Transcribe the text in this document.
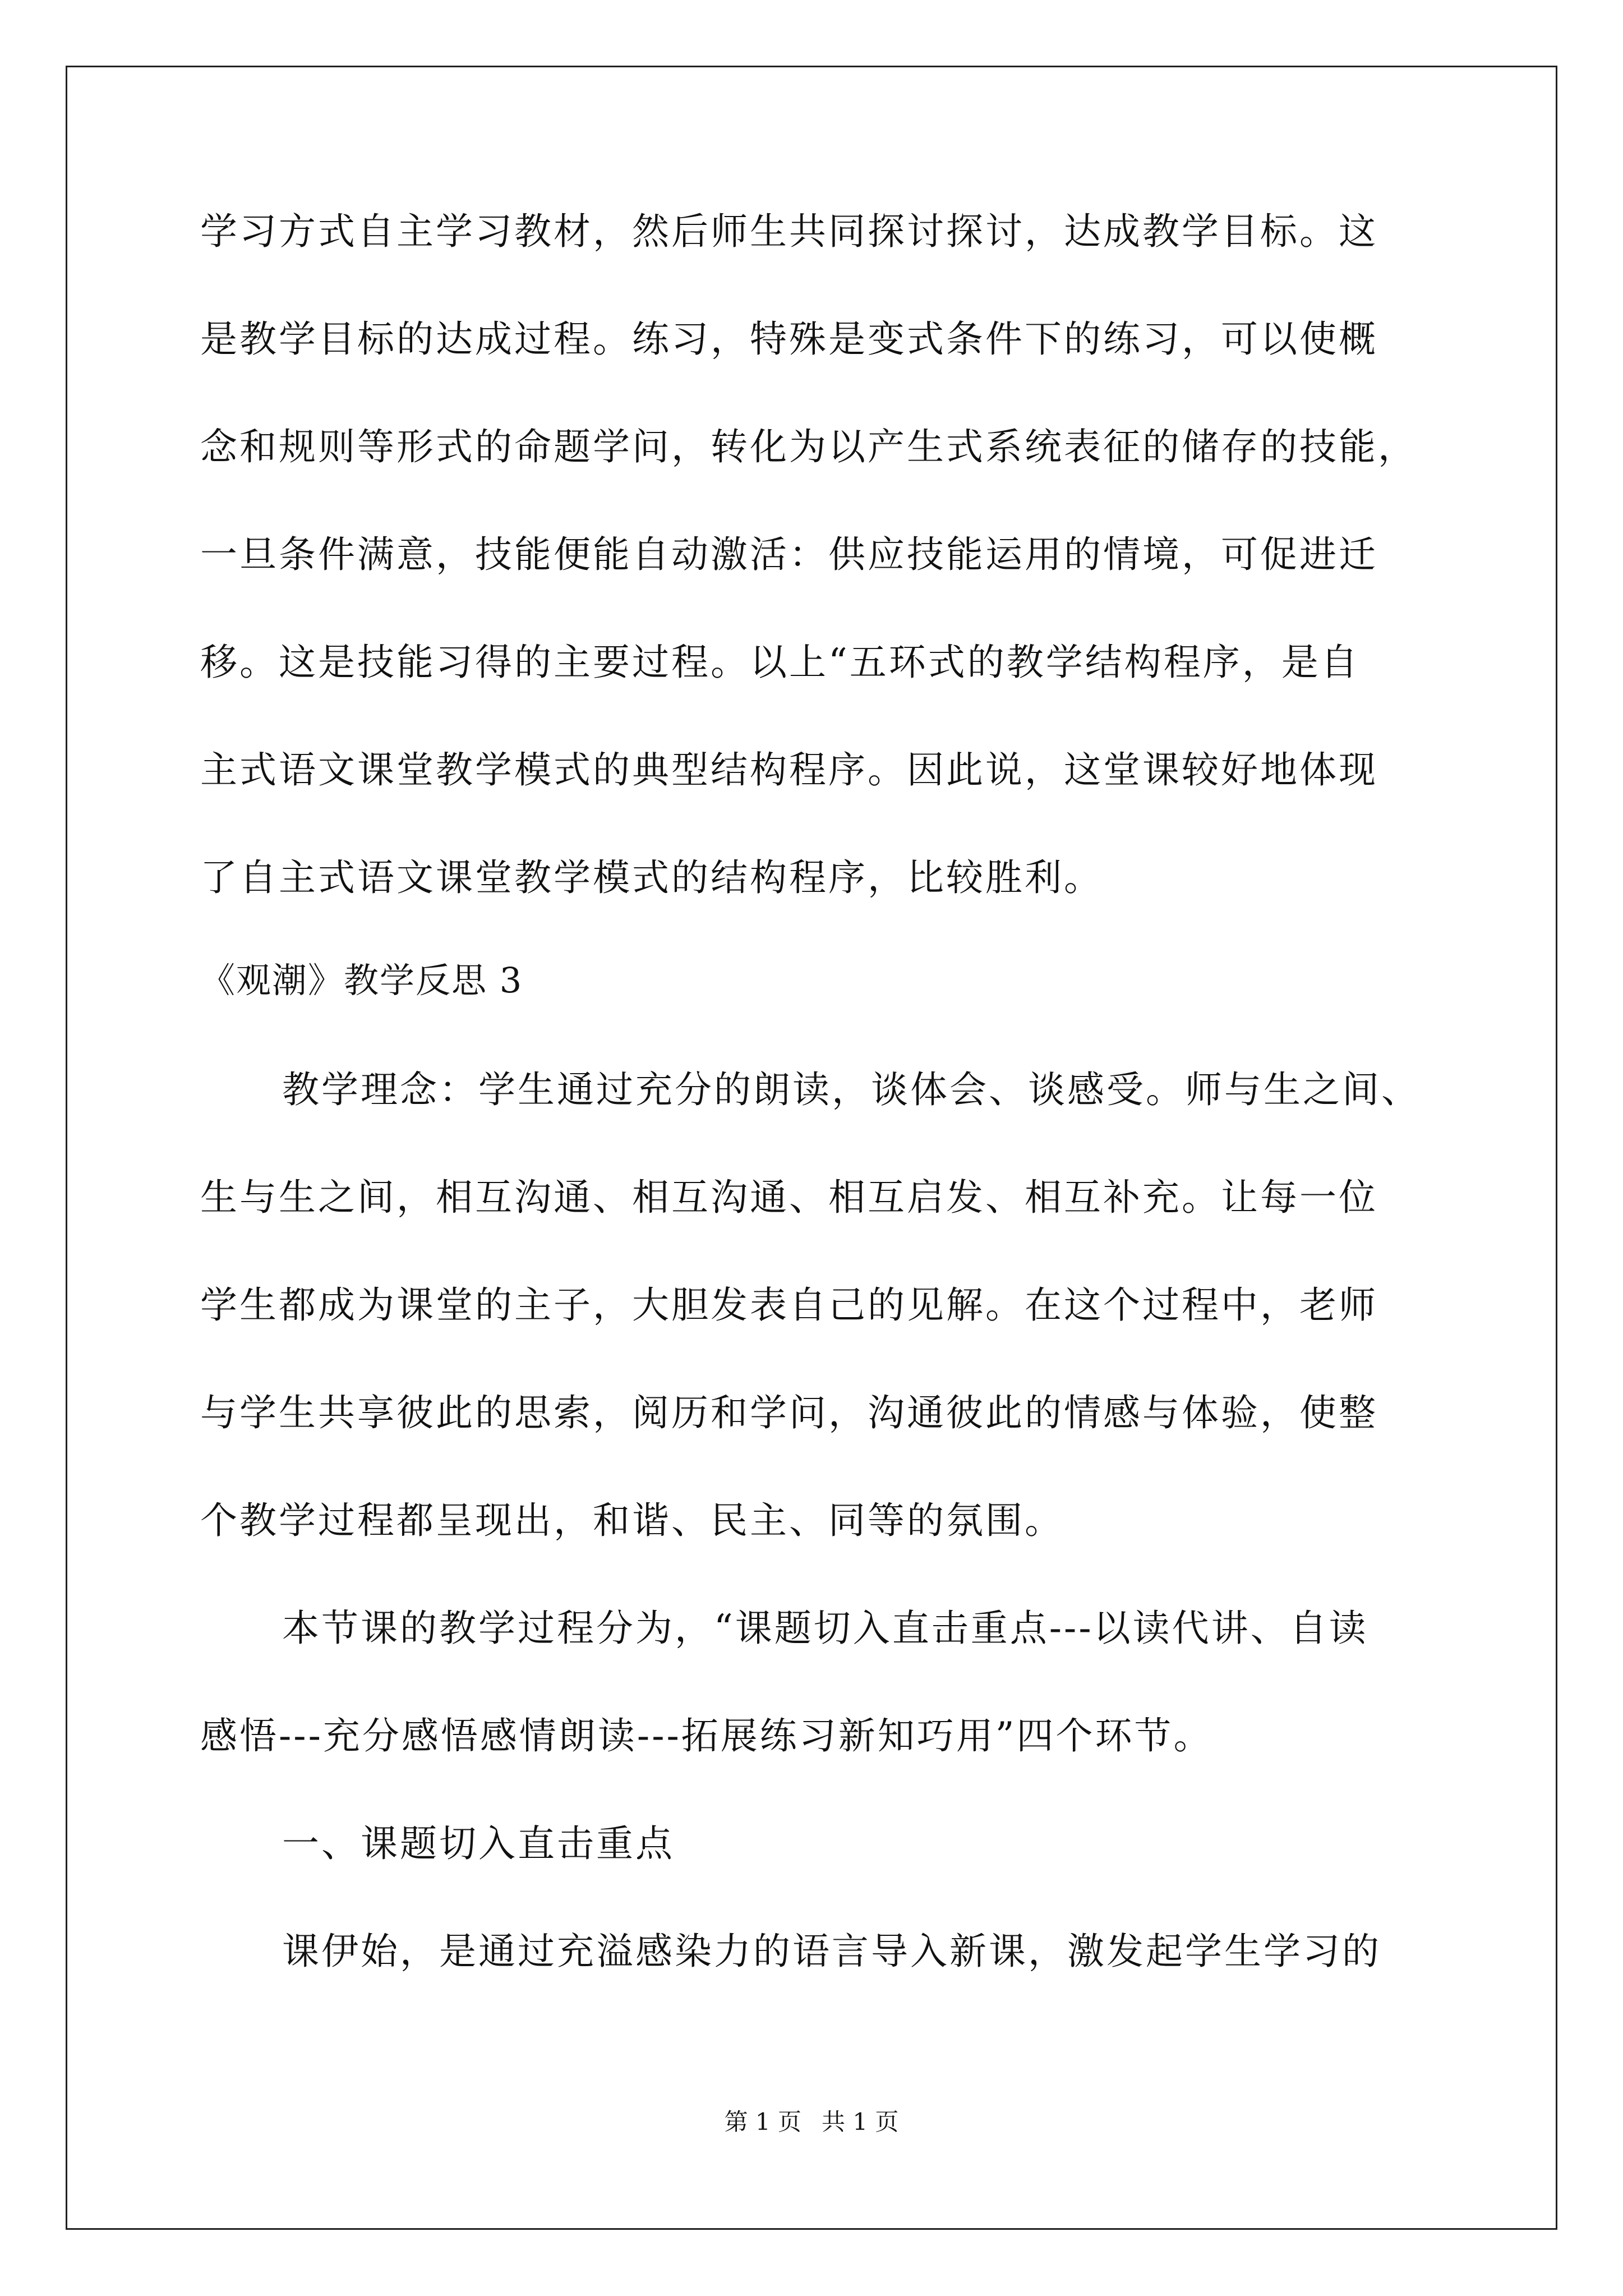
学习方式自主学习教材，然后师生共同探讨探讨，达成教学目标。这
是教学目标的达成过程。练习，特殊是变式条件下的练习，可以使概
念和规则等形式的命题学问，转化为以产生式系统表征的储存的技能，
一旦条件满意，技能便能自动激活：供应技能运用的情境，可促进迁
移。这是技能习得的主要过程。以上“五环式的教学结构程序，是自
主式语文课堂教学模式的典型结构程序。因此说，这堂课较好地体现
了自主式语文课堂教学模式的结构程序，比较胜利。
《观潮》教学反思 3
教学理念：学生通过充分的朗读，谈体会、谈感受。师与生之间、
生与生之间，相互沟通、相互沟通、相互启发、相互补充。让每一位
学生都成为课堂的主子，大胆发表自己的见解。在这个过程中，老师
与学生共享彼此的思索，阅历和学问，沟通彼此的情感与体验，使整
个教学过程都呈现出，和谐、民主、同等的氛围。
本节课的教学过程分为，“课题切入直击重点---以读代讲、自读
感悟---充分感悟感情朗读---拓展练习新知巧用”四个环节。
一、课题切入直击重点
课伊始，是通过充溢感染力的语言导入新课，激发起学生学习的
第 1 页 共 1 页
